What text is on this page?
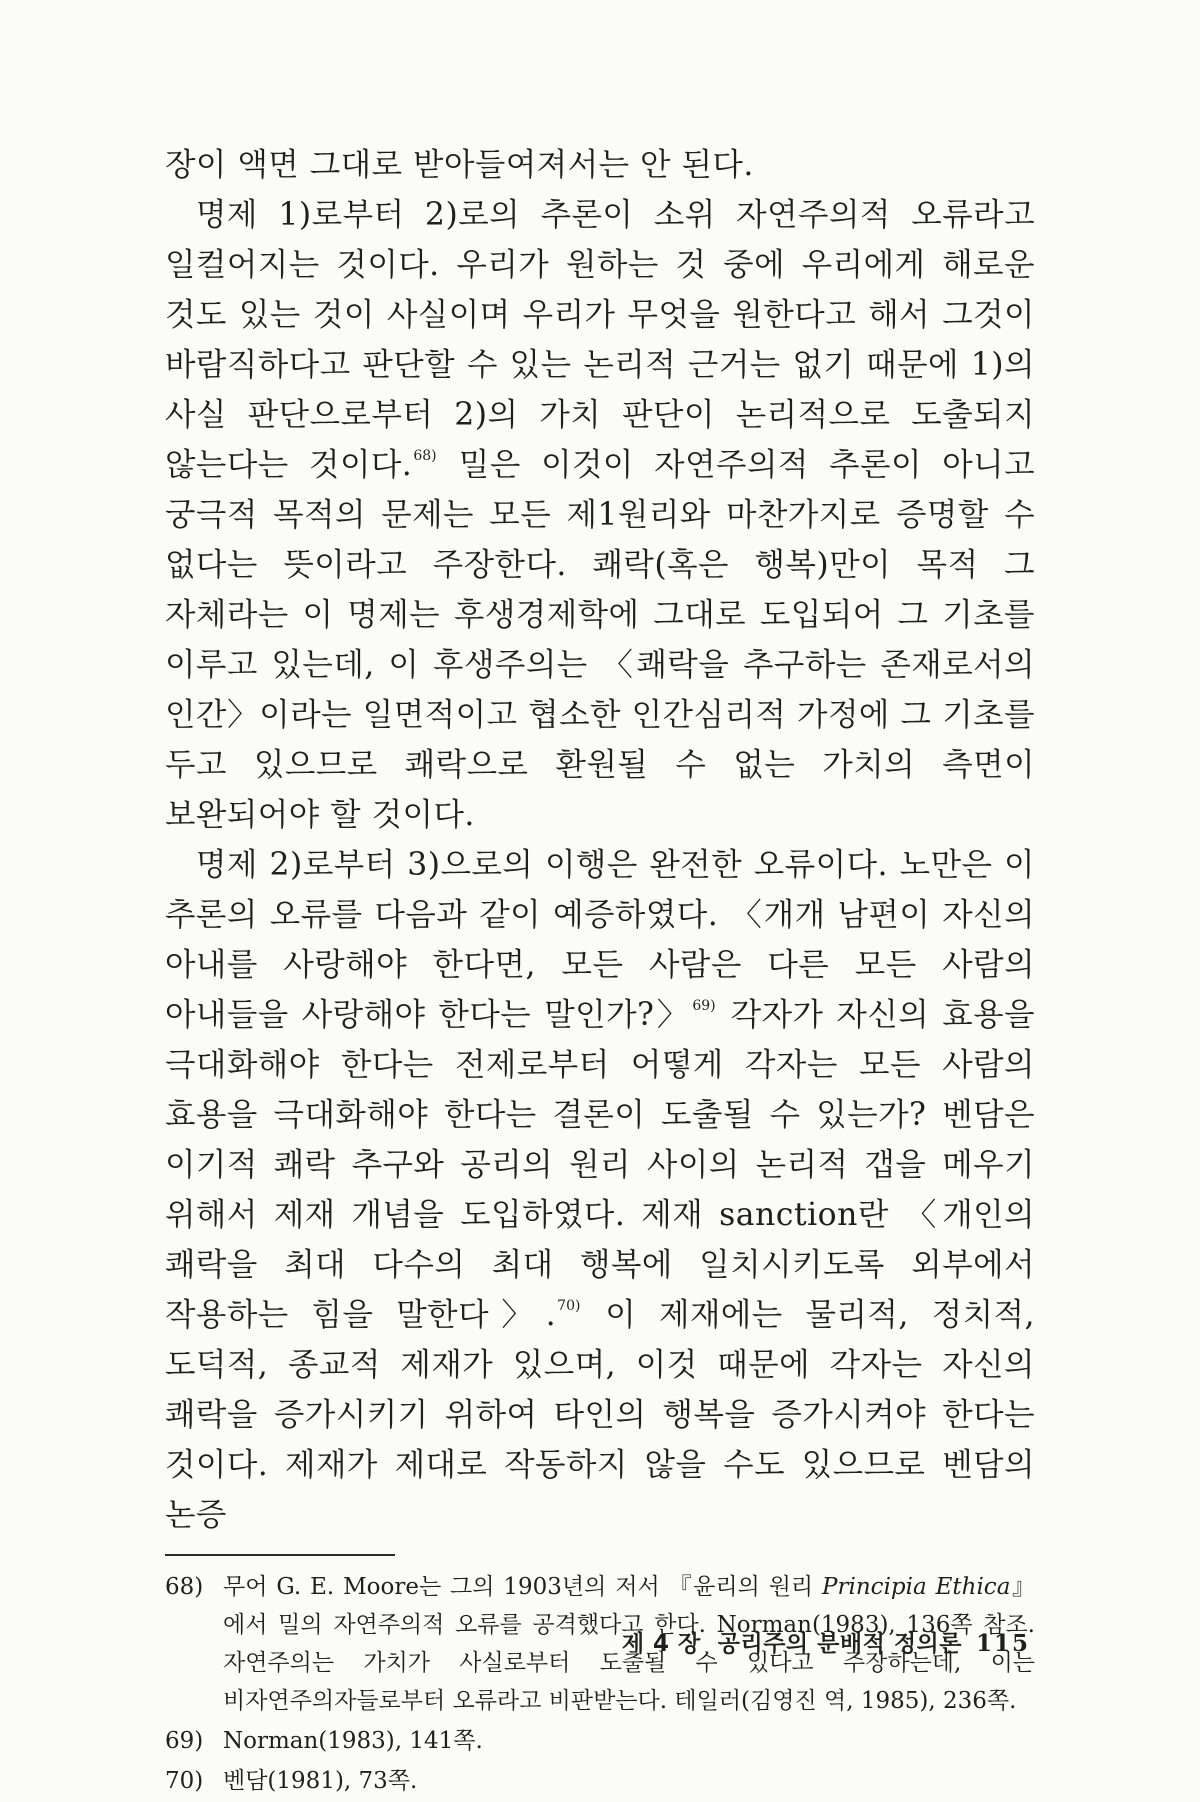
장이 액면 그대로 받아들여져서는 안 된다.

명제 1)로부터 2)로의 추론이 소위 자연주의적 오류라고 일컬어지는 것이다. 우리가 원하는 것 중에 우리에게 해로운 것도 있는 것이 사실이며 우리가 무엇을 원한다고 해서 그것이 바람직하다고 판단할 수 있는 논리적 근거는 없기 때문에 1)의 사실 판단으로부터 2)의 가치 판단이 논리적으로 도출되지 않는다는 것이다.$^{68)}$ 밀은 이것이 자연주의적 추론이 아니고 궁극적 목적의 문제는 모든 제1원리와 마찬가지로 증명할 수 없다는 뜻이라고 주장한다. 쾌락(혹은 행복)만이 목적 그 자체라는 이 명제는 후생경제학에 그대로 도입되어 그 기초를 이루고 있는데, 이 후생주의는 〈쾌락을 추구하는 존재로서의 인간〉이라는 일면적이고 협소한 인간심리적 가정에 그 기초를 두고 있으므로 쾌락으로 환원될 수 없는 가치의 측면이 보완되어야 할 것이다.

명제 2)로부터 3)으로의 이행은 완전한 오류이다. 노만은 이 추론의 오류를 다음과 같이 예증하였다. 〈개개 남편이 자신의 아내를 사랑해야 한다면, 모든 사람은 다른 모든 사람의 아내들을 사랑해야 한다는 말인가?〉$^{69)}$ 각자가 자신의 효용을 극대화해야 한다는 전제로부터 어떻게 각자는 모든 사람의 효용을 극대화해야 한다는 결론이 도출될 수 있는가? 벤담은 이기적 쾌락 추구와 공리의 원리 사이의 논리적 갭을 메우기 위해서 제재 개념을 도입하였다. 제재 sanction란 〈개인의 쾌락을 최대 다수의 최대 행복에 일치시키도록 외부에서 작용하는 힘을 말한다〉.$^{70)}$ 이 제재에는 물리적, 정치적, 도덕적, 종교적 제재가 있으며, 이것 때문에 각자는 자신의 쾌락을 증가시키기 위하여 타인의 행복을 증가시켜야 한다는 것이다. 제재가 제대로 작동하지 않을 수도 있으므로 벤담의 논증

68) 무어 G. E. Moore는 그의 1903년의 저서 『윤리의 원리 Principia Ethica』에서 밀의 자연주의적 오류를 공격했다고 한다. Norman(1983), 136쪽 참조. 자연주의는 가치가 사실로부터 도출될 수 있다고 주장하는데, 이는 비자연주의자들로부터 오류라고 비판받는다. 테일러(김영진 역, 1985), 236쪽.
69) Norman(1983), 141쪽.
70) 벤담(1981), 73쪽.
제 4 장  공리주의 분배적 정의론 115
